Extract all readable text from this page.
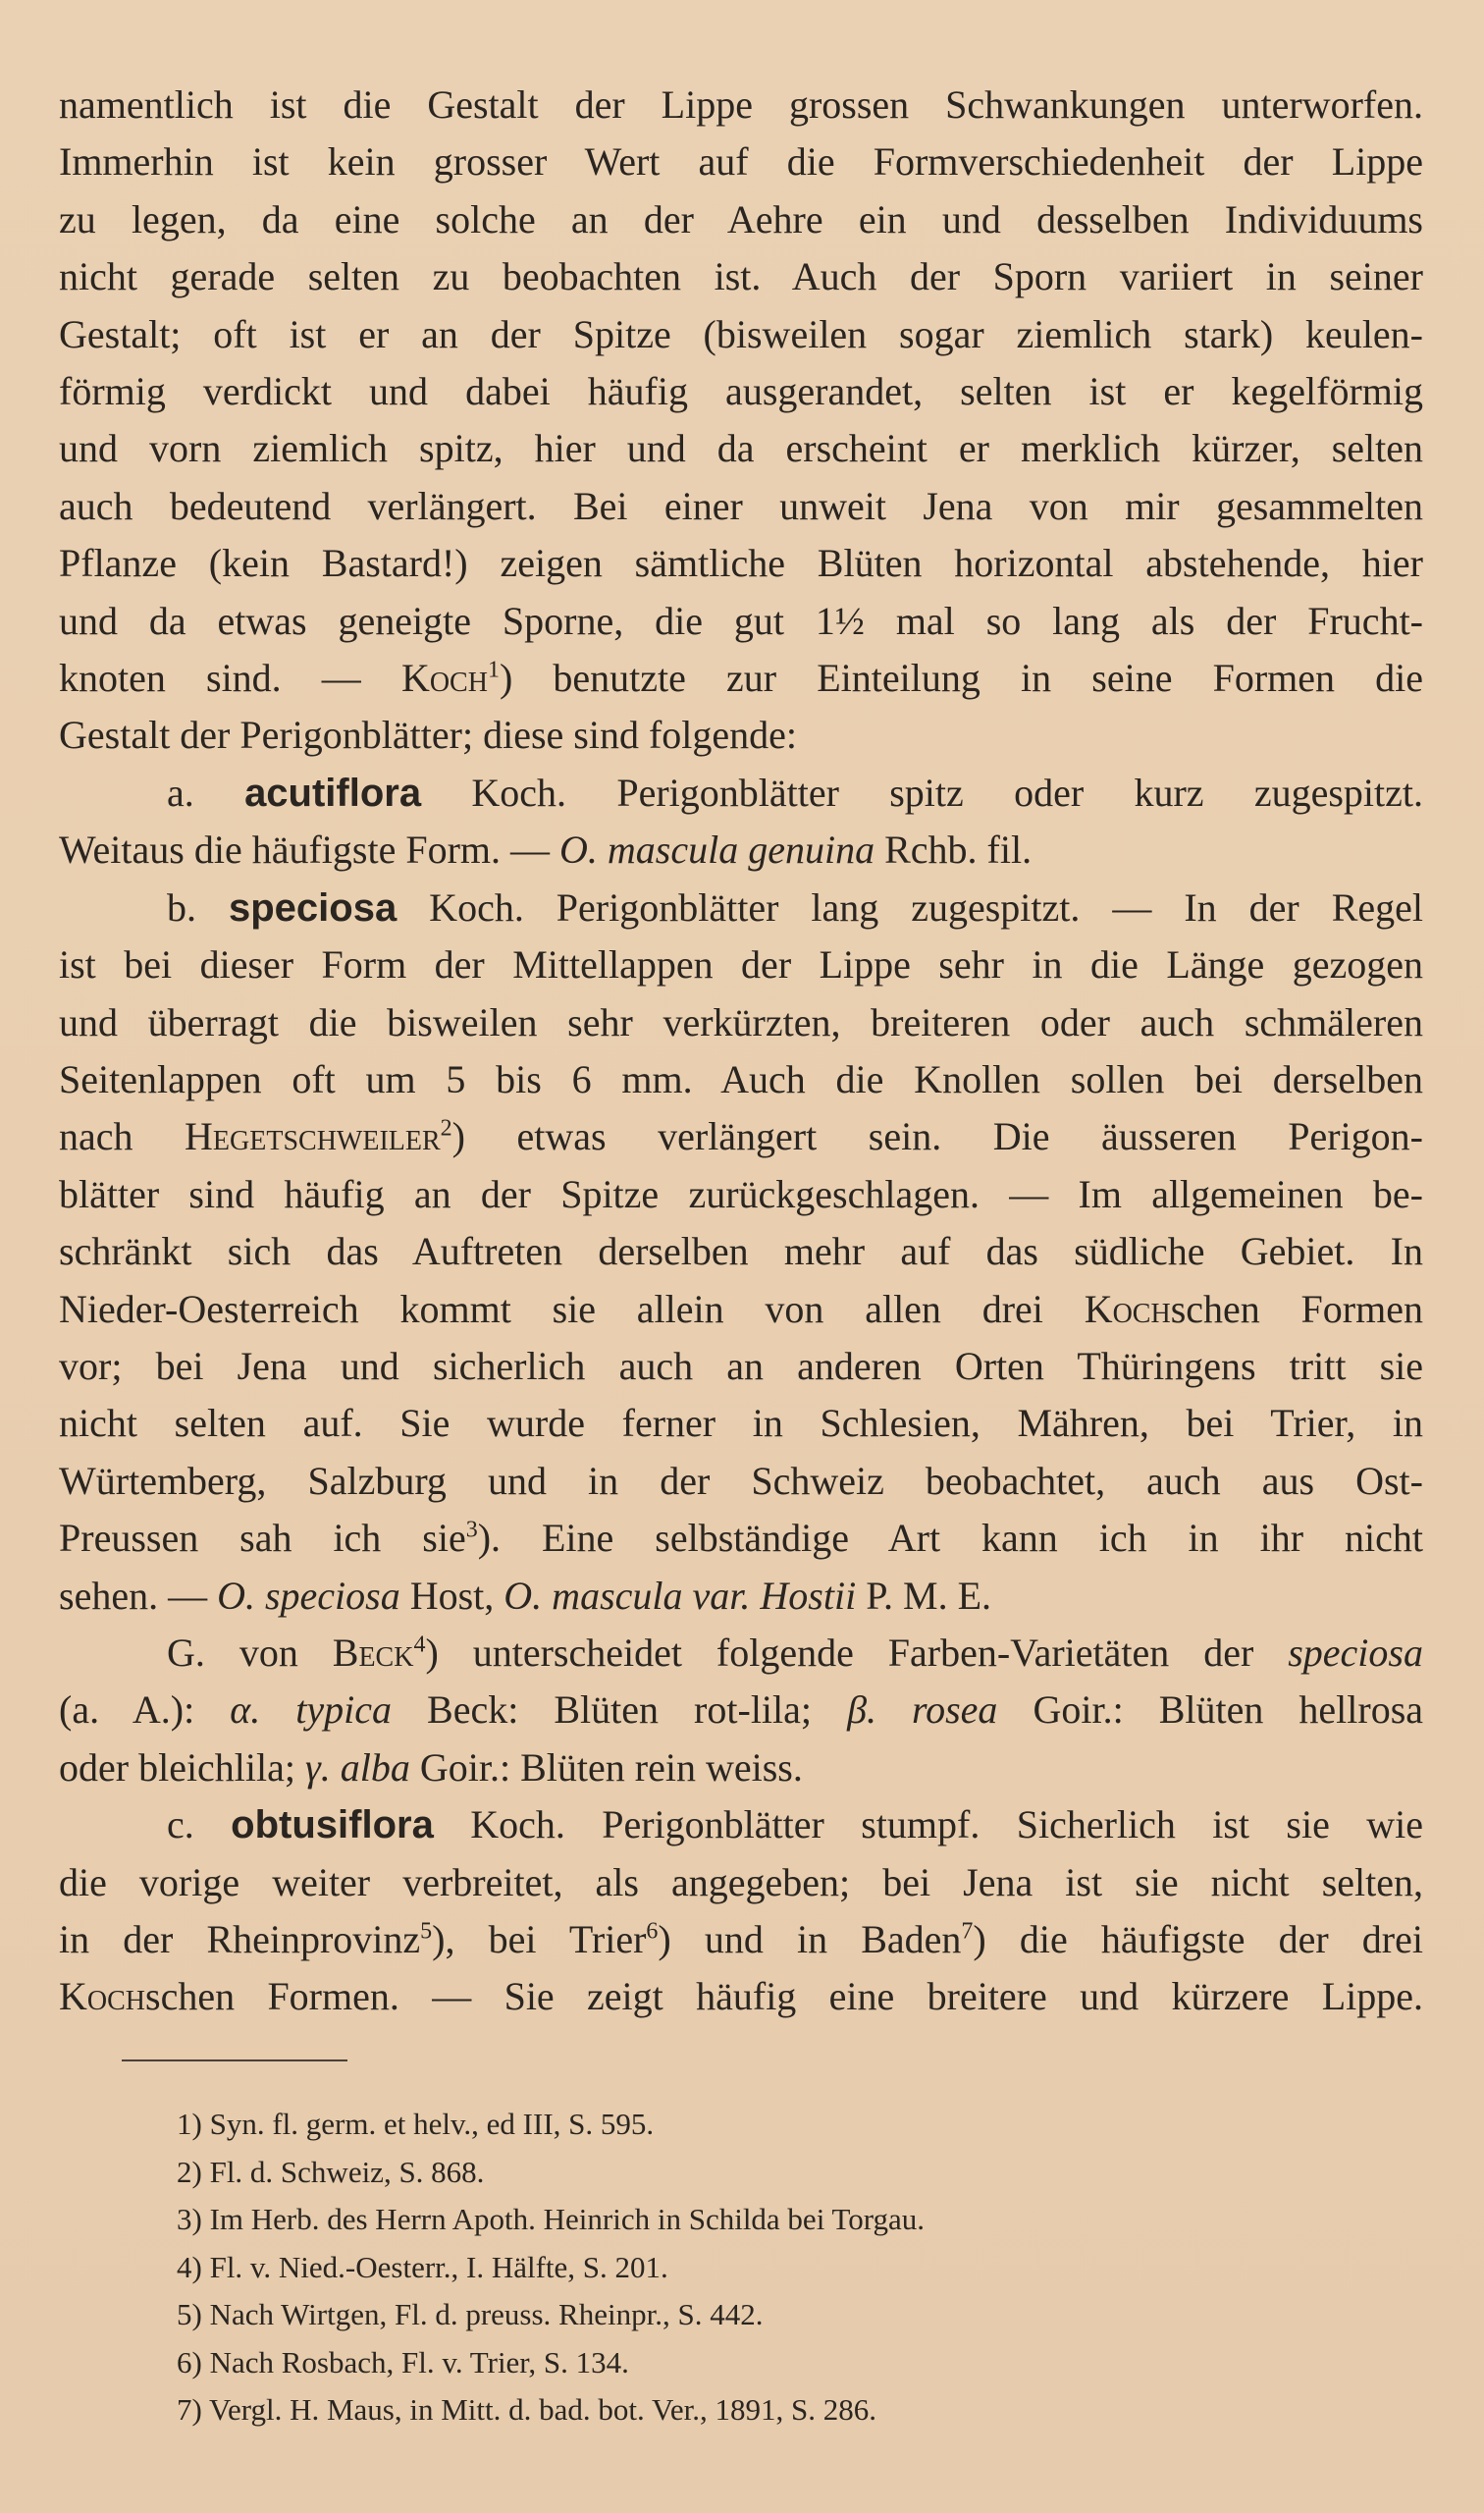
namentlich ist die Gestalt der Lippe grossen Schwankungen unterworfen.
Immerhin ist kein grosser Wert auf die Formverschiedenheit der Lippe
zu legen, da eine solche an der Aehre ein und desselben Individuums
nicht gerade selten zu beobachten ist. Auch der Sporn variiert in seiner
Gestalt; oft ist er an der Spitze (bisweilen sogar ziemlich stark) keulen-
förmig verdickt und dabei häufig ausgerandet, selten ist er kegelförmig
und vorn ziemlich spitz, hier und da erscheint er merklich kürzer, selten
auch bedeutend verlängert. Bei einer unweit Jena von mir gesammelten
Pflanze (kein Bastard!) zeigen sämtliche Blüten horizontal abstehende, hier
und da etwas geneigte Sporne, die gut 1½ mal so lang als der Frucht-
knoten sind. — Koch$^1$) benutzte zur Einteilung in seine Formen die
Gestalt der Perigonblätter; diese sind folgende:
a. acutiflora Koch. Perigonblätter spitz oder kurz zugespitzt.
Weitaus die häufigste Form. — O. mascula genuina Rchb. fil.
b. speciosa Koch. Perigonblätter lang zugespitzt. — In der Regel
ist bei dieser Form der Mittellappen der Lippe sehr in die Länge gezogen
und überragt die bisweilen sehr verkürzten, breiteren oder auch schmäleren
Seitenlappen oft um 5 bis 6 mm. Auch die Knollen sollen bei derselben
nach Hegetschweiler$^2$) etwas verlängert sein. Die äusseren Perigon-
blätter sind häufig an der Spitze zurückgeschlagen. — Im allgemeinen be-
schränkt sich das Auftreten derselben mehr auf das südliche Gebiet. In
Nieder-Oesterreich kommt sie allein von allen drei Kochschen Formen
vor; bei Jena und sicherlich auch an anderen Orten Thüringens tritt sie
nicht selten auf. Sie wurde ferner in Schlesien, Mähren, bei Trier, in
Würtemberg, Salzburg und in der Schweiz beobachtet, auch aus Ost-
Preussen sah ich sie$^3$). Eine selbständige Art kann ich in ihr nicht
sehen. — O. speciosa Host, O. mascula var. Hostii P. M. E.
G. von Beck$^4$) unterscheidet folgende Farben-Varietäten der speciosa
(a. A.): α. typica Beck: Blüten rot-lila; β. rosea Goir.: Blüten hellrosa
oder bleichlila; γ. alba Goir.: Blüten rein weiss.
c. obtusiflora Koch. Perigonblätter stumpf. Sicherlich ist sie wie
die vorige weiter verbreitet, als angegeben; bei Jena ist sie nicht selten,
in der Rheinprovinz$^5$), bei Trier$^6$) und in Baden$^7$) die häufigste der drei
Kochschen Formen. — Sie zeigt häufig eine breitere und kürzere Lippe.
1) Syn. fl. germ. et helv., ed III, S. 595.
2) Fl. d. Schweiz, S. 868.
3) Im Herb. des Herrn Apoth. Heinrich in Schilda bei Torgau.
4) Fl. v. Nied.-Oesterr., I. Hälfte, S. 201.
5) Nach Wirtgen, Fl. d. preuss. Rheinpr., S. 442.
6) Nach Rosbach, Fl. v. Trier, S. 134.
7) Vergl. H. Maus, in Mitt. d. bad. bot. Ver., 1891, S. 286.
